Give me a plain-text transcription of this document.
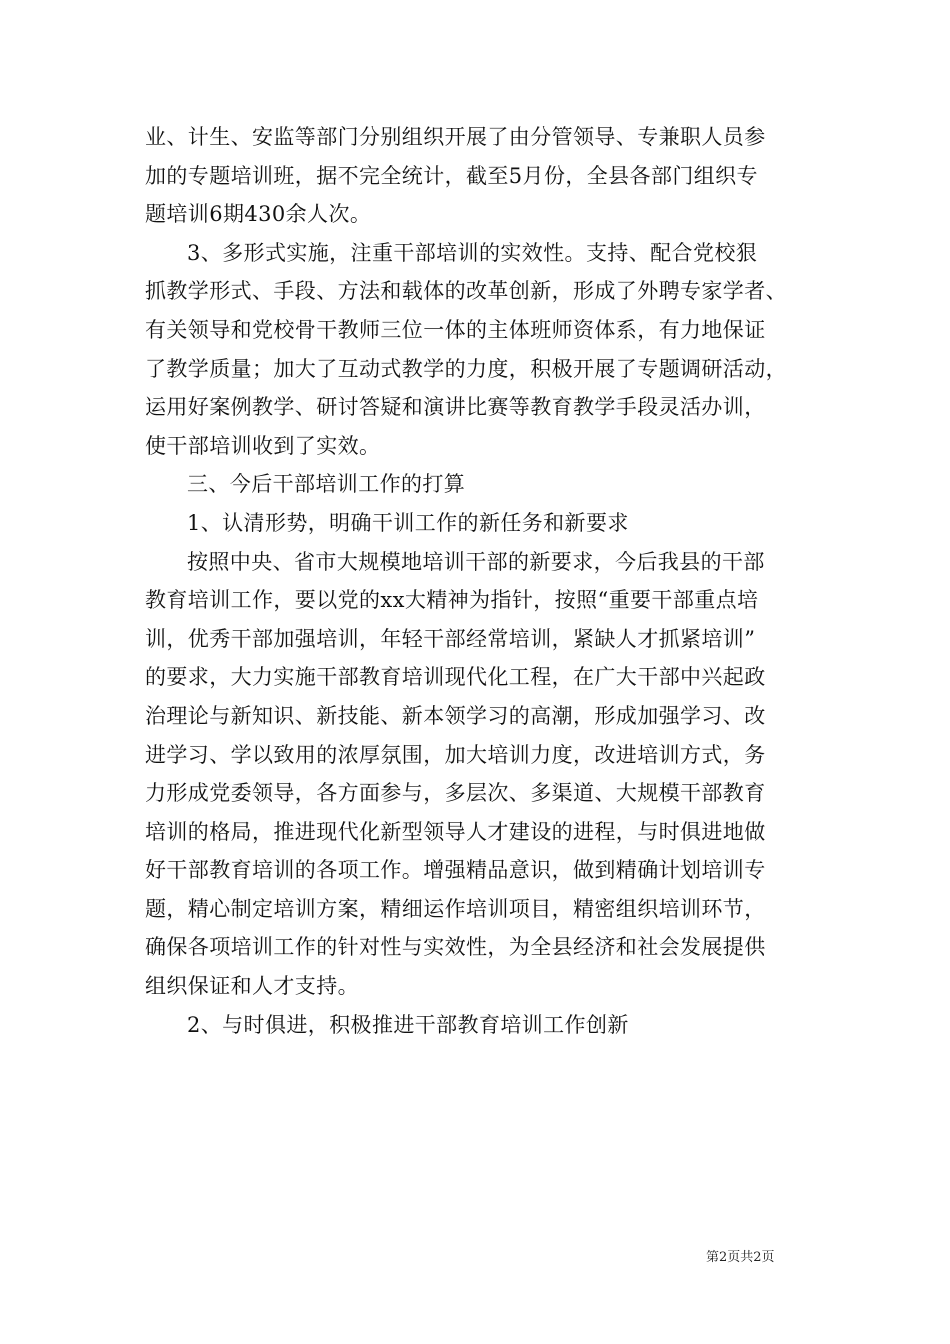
业、计生、安监等部门分别组织开展了由分管领导、专兼职人员参
加的专题培训班，据不完全统计，截至5月份，全县各部门组织专
题培训6期430余人次。
3、多形式实施，注重干部培训的实效性。支持、配合党校狠
抓教学形式、手段、方法和载体的改革创新，形成了外聘专家学者、
有关领导和党校骨干教师三位一体的主体班师资体系，有力地保证
了教学质量；加大了互动式教学的力度，积极开展了专题调研活动，
运用好案例教学、研讨答疑和演讲比赛等教育教学手段灵活办训，
使干部培训收到了实效。
三、今后干部培训工作的打算
1、认清形势，明确干训工作的新任务和新要求
按照中央、省市大规模地培训干部的新要求，今后我县的干部
教育培训工作，要以党的xx大精神为指针，按照“重要干部重点培
训，优秀干部加强培训，年轻干部经常培训，紧缺人才抓紧培训”
的要求，大力实施干部教育培训现代化工程，在广大干部中兴起政
治理论与新知识、新技能、新本领学习的高潮，形成加强学习、改
进学习、学以致用的浓厚氛围，加大培训力度，改进培训方式，务
力形成党委领导，各方面参与，多层次、多渠道、大规模干部教育
培训的格局，推进现代化新型领导人才建设的进程，与时俱进地做
好干部教育培训的各项工作。增强精品意识，做到精确计划培训专
题，精心制定培训方案，精细运作培训项目，精密组织培训环节，
确保各项培训工作的针对性与实效性，为全县经济和社会发展提供
组织保证和人才支持。
2、与时俱进，积极推进干部教育培训工作创新
第2页共2页
